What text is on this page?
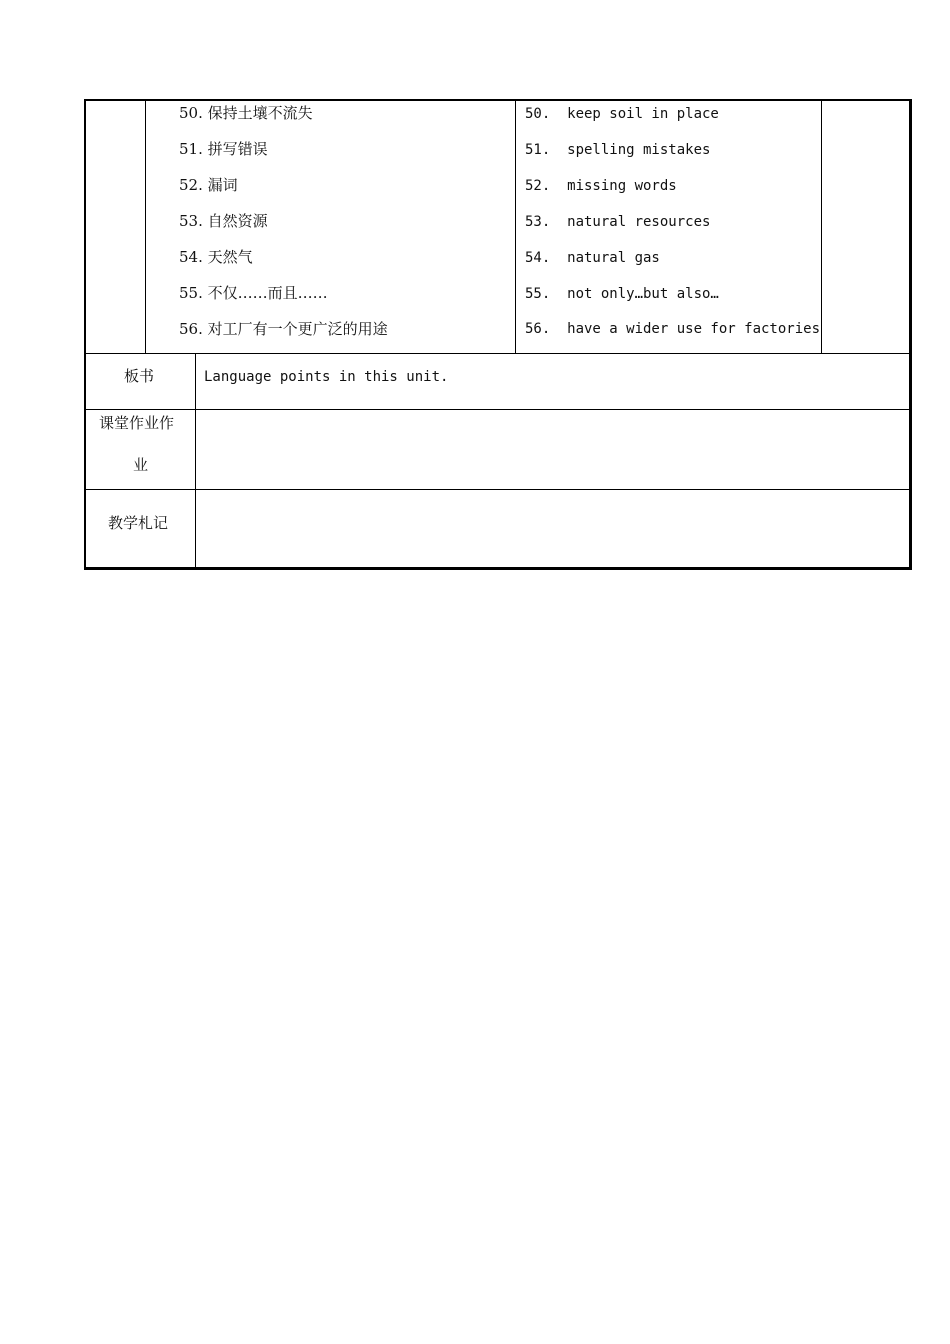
50. 保持土壤不流失
51. 拼写错误
52. 漏词
53. 自然资源
54. 天然气
55. 不仅……而且……
56. 对工厂有一个更广泛的用途
50.  keep soil in place
51.  spelling mistakes
52.  missing words
53.  natural resources
54.  natural gas
55.  not only…but also…
56.  have a wider use for factories
板书	Language points in this unit.
课堂作业作
业
教学札记
